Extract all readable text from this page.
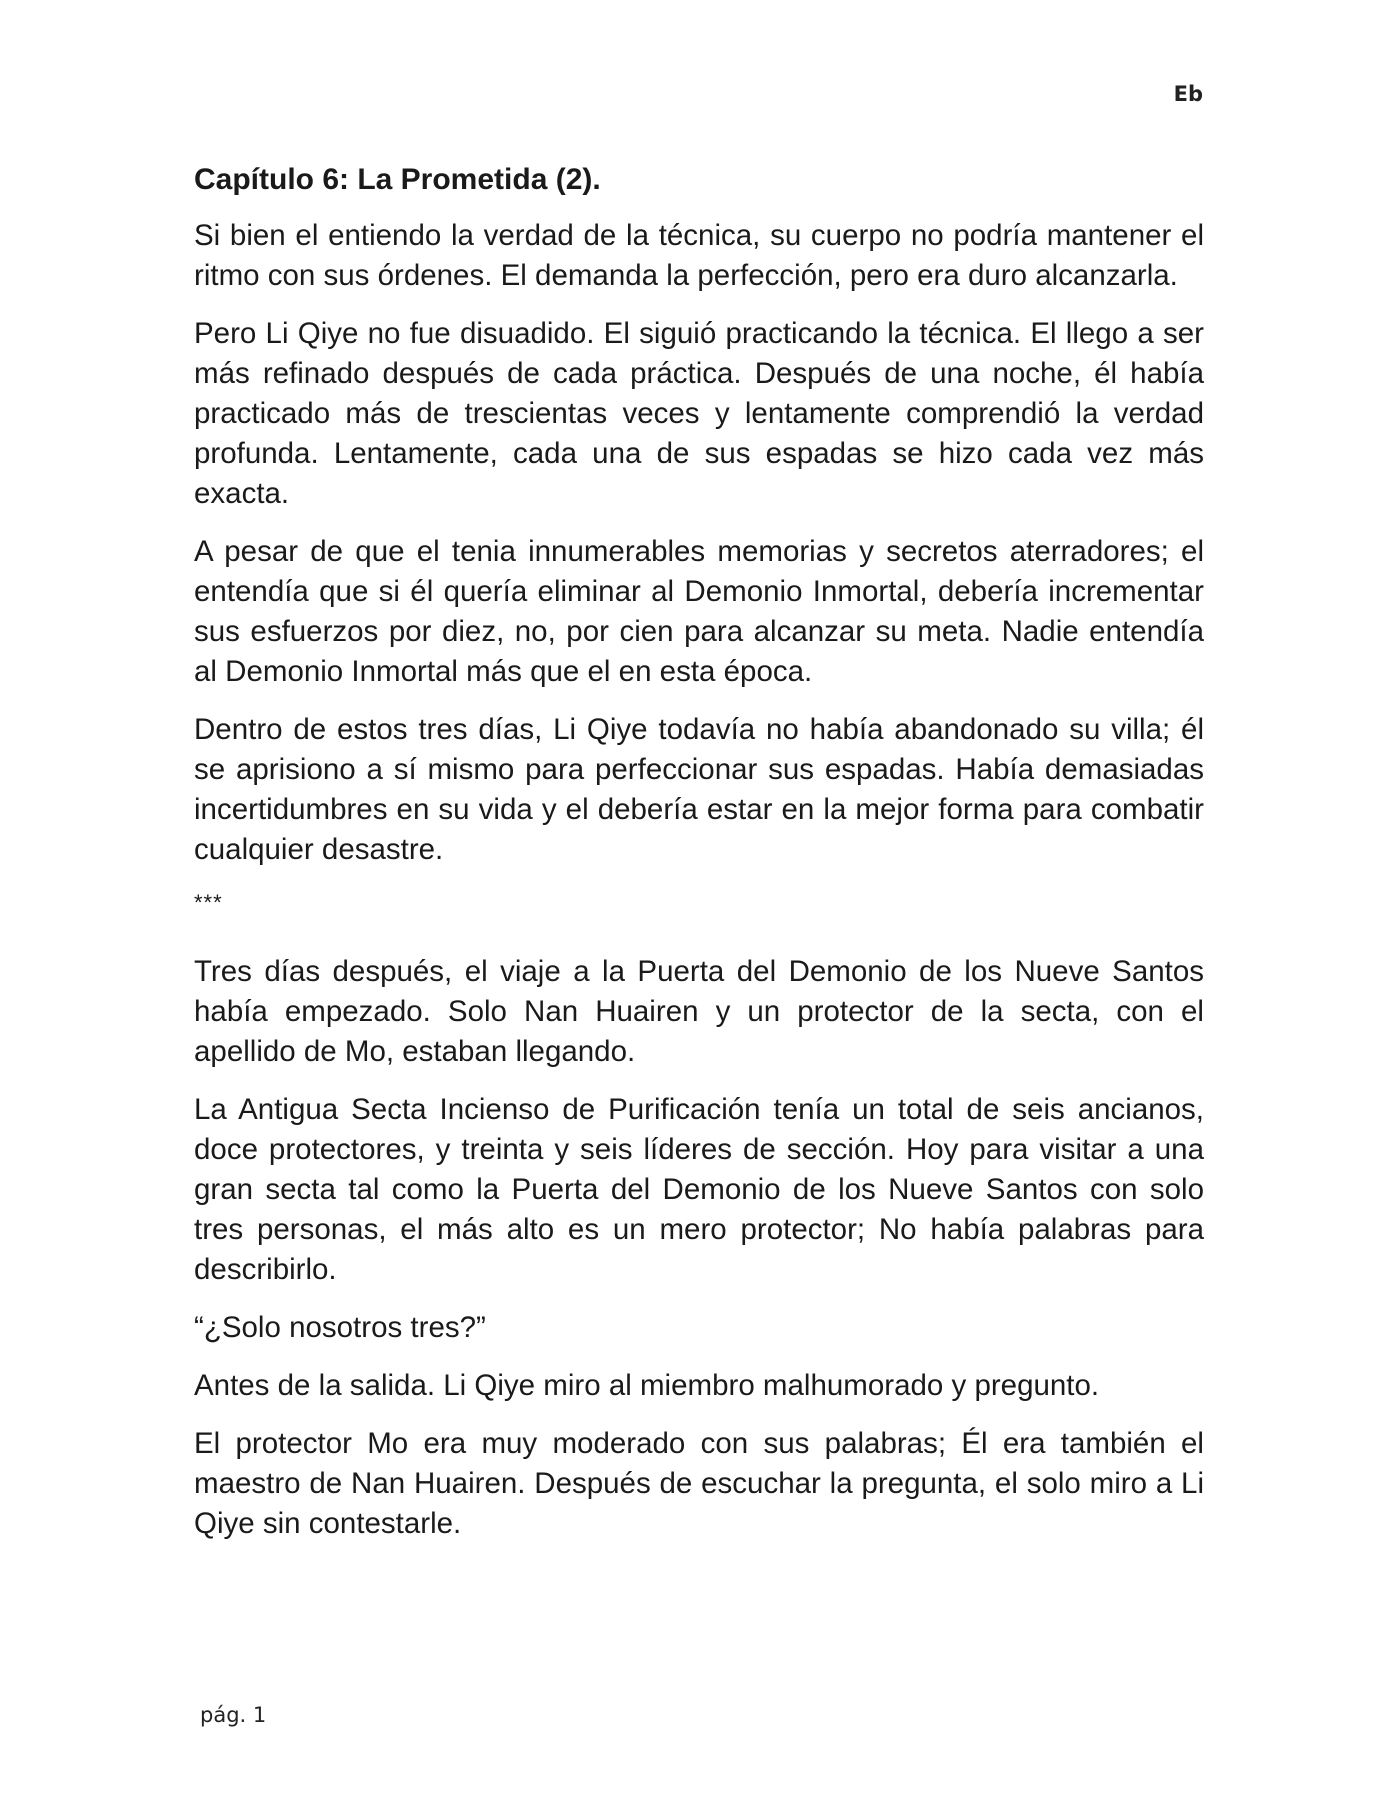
Eb
Capítulo 6: La Prometida (2).

Si bien el entiendo la verdad de la técnica, su cuerpo no podría mantener el ritmo con sus órdenes. El demanda la perfección, pero era duro alcanzarla.

Pero Li Qiye no fue disuadido. El siguió practicando la técnica. El llego a ser más refinado después de cada práctica. Después de una noche, él había practicado más de trescientas veces y lentamente comprendió la verdad profunda. Lentamente, cada una de sus espadas se hizo cada vez más exacta.

A pesar de que el tenia innumerables memorias y secretos aterradores; el entendía que si él quería eliminar al Demonio Inmortal, debería incrementar sus esfuerzos por diez, no, por cien para alcanzar su meta. Nadie entendía al Demonio Inmortal más que el en esta época.

Dentro de estos tres días, Li Qiye todavía no había abandonado su villa; él se aprisiono a sí mismo para perfeccionar sus espadas. Había demasiadas incertidumbres en su vida y el debería estar en la mejor forma para combatir cualquier desastre.

***

Tres días después, el viaje a la Puerta del Demonio de los Nueve Santos había empezado. Solo Nan Huairen y un protector de la secta, con el apellido de Mo, estaban llegando.

La Antigua Secta Incienso de Purificación tenía un total de seis ancianos, doce protectores, y treinta y seis líderes de sección. Hoy para visitar a una gran secta tal como la Puerta del Demonio de los Nueve Santos con solo tres personas, el más alto es un mero protector; No había palabras para describirlo.

“¿Solo nosotros tres?”

Antes de la salida. Li Qiye miro al miembro malhumorado y pregunto.

El protector Mo era muy moderado con sus palabras; Él era también el maestro de Nan Huairen. Después de escuchar la pregunta, el solo miro a Li Qiye sin contestarle.

pág. 1
